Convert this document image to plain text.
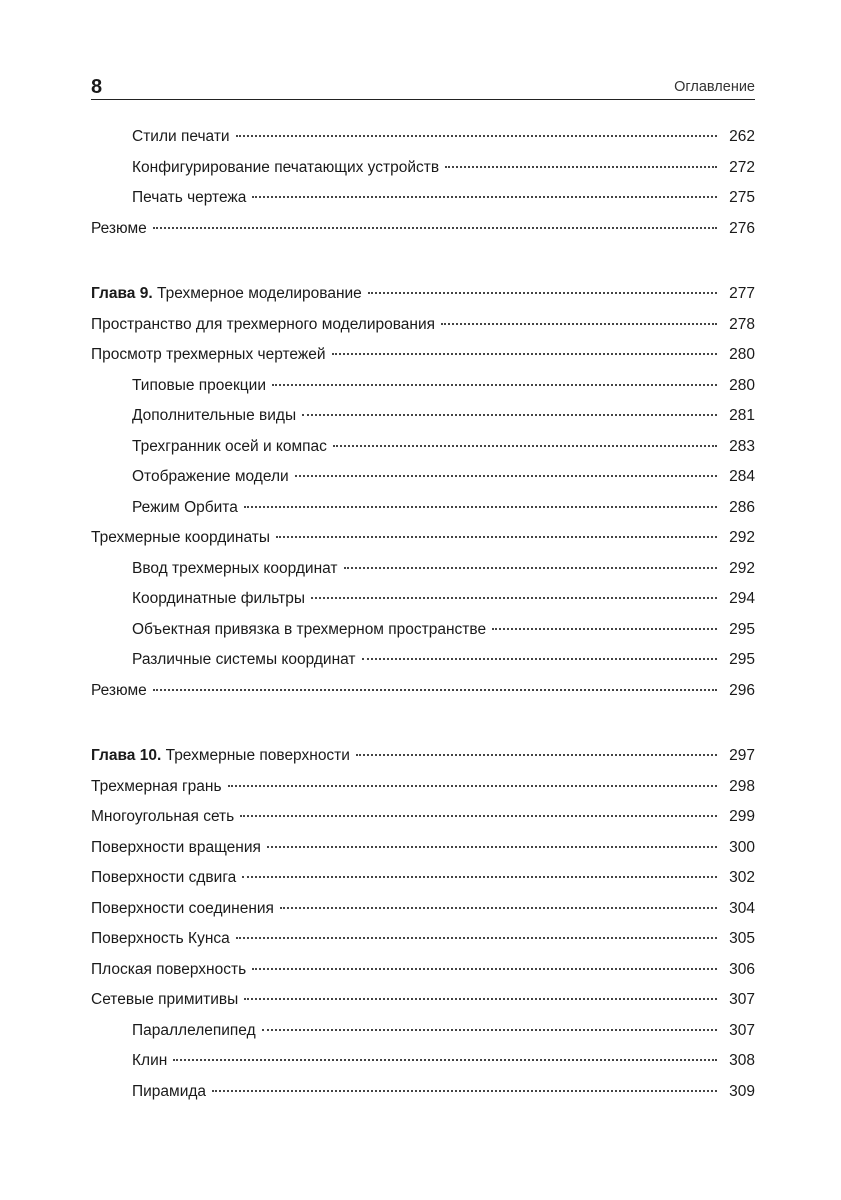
8	Оглавление
Стили печати	262
Конфигурирование печатающих устройств	272
Печать чертежа	275
Резюме	276
Глава 9. Трехмерное моделирование	277
Пространство для трехмерного моделирования	278
Просмотр трехмерных чертежей	280
Типовые проекции	280
Дополнительные виды	281
Трехгранник осей и компас	283
Отображение модели	284
Режим Орбита	286
Трехмерные координаты	292
Ввод трехмерных координат	292
Координатные фильтры	294
Объектная привязка в трехмерном пространстве	295
Различные системы координат	295
Резюме	296
Глава 10. Трехмерные поверхности	297
Трехмерная грань	298
Многоугольная сеть	299
Поверхности вращения	300
Поверхности сдвига	302
Поверхности соединения	304
Поверхность Кунса	305
Плоская поверхность	306
Сетевые примитивы	307
Параллелепипед	307
Клин	308
Пирамида	309
